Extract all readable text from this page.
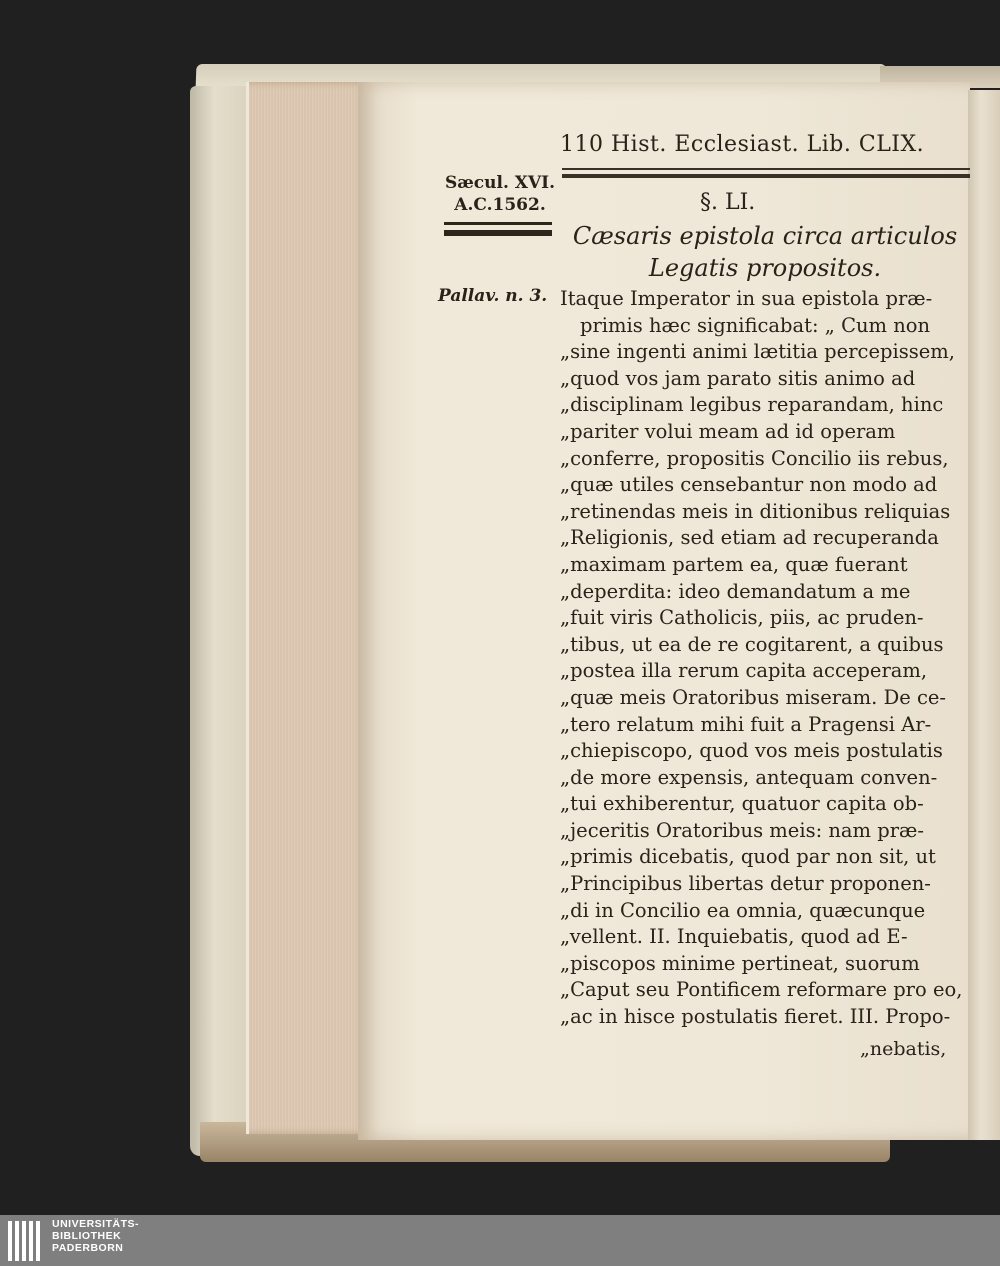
110 Hist. Ecclesiast. Lib. CLIX.
Sæcul. XVI.
A.C.1562.
Pallav. n. 3.
§. LI.
Cæsaris epistola circa articulos Legatis propositos.
Itaque Imperator in sua epistola præ-
primis hæc significabat: „ Cum non
„sine ingenti animi lætitia percepissem,
„quod vos jam parato sitis animo ad
„disciplinam legibus reparandam, hinc
„pariter volui meam ad id operam
„conferre, propositis Concilio iis rebus,
„quæ utiles censebantur non modo ad
„retinendas meis in ditionibus reliquias
„Religionis, sed etiam ad recuperanda
„maximam partem ea, quæ fuerant
„deperdita: ideo demandatum a me
„fuit viris Catholicis, piis, ac pruden-
„tibus, ut ea de re cogitarent, a quibus
„postea illa rerum capita acceperam,
„quæ meis Oratoribus miseram. De ce-
„tero relatum mihi fuit a Pragensi Ar-
„chiepiscopo, quod vos meis postulatis
„de more expensis, antequam conven-
„tui exhiberentur, quatuor capita ob-
„jeceritis Oratoribus meis: nam præ-
„primis dicebatis, quod par non sit, ut
„Principibus libertas detur proponen-
„di in Concilio ea omnia, quæcunque
„vellent. II. Inquiebatis, quod ad E-
„piscopos minime pertineat, suorum
„Caput seu Pontificem reformare pro eo,
„ac in hisce postulatis fieret. III. Propo-
„nebatis,
UNIVERSITÄTS-
BIBLIOTHEK
PADERBORN
